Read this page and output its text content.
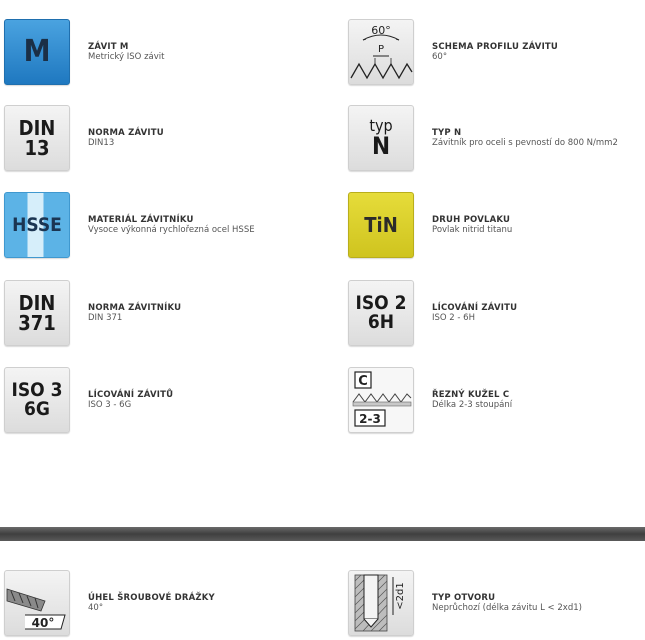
M	ZÁVIT M
Metrický ISO závit
60°
P	SCHEMA PROFILU ZÁVITU
60°
DIN
13
NORMA ZÁVITU
DIN13
typ
N	TYP N
Závitník pro oceli s pevností do 800 N/mm2
HSSE	MATERIÁL ZÁVITNÍKU
Vysoce výkonná rychlořezná ocel HSSE	TiN	DRUH POVLAKU
Povlak nitrid titanu
DIN
371
NORMA ZÁVITNÍKU
DIN 371
ISO 2
6H
LÍCOVÁNÍ ZÁVITU
ISO 2 - 6H
ISO 3
6G
LÍCOVÁNÍ ZÁVITŮ
ISO 3 - 6G
C
2-3
ŘEZNÝ KUŽEL C
Délka 2-3 stoupání
40°
ÚHEL ŠROUBOVÉ DRÁŽKY
40°	<2d1	TYP OTVORU
Neprůchozí (délka závitu L < 2xd1)
